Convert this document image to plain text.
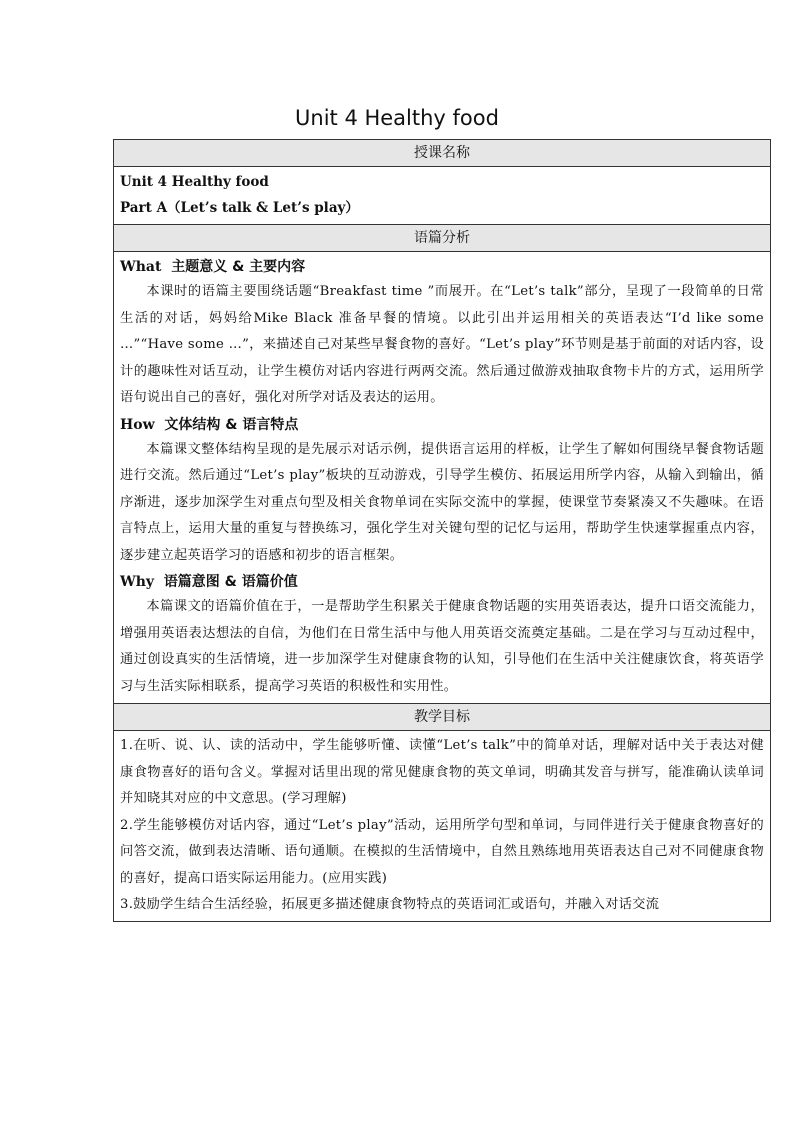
Unit 4 Healthy food
授课名称

Unit 4 Healthy food
Part A（Let’s talk & Let’s play）

语篇分析

What 主题意义 & 主要内容

本课时的语篇主要围绕话题“Breakfast time ”而展开。在“Let’s talk”部分，呈现了一段简单的日常生活的对话，妈妈给Mike Black 准备早餐的情境。以此引出并运用相关的英语表达“I’d like some …”“Have some …”，来描述自己对某些早餐食物的喜好。“Let’s play”环节则是基于前面的对话内容，设计的趣味性对话互动，让学生模仿对话内容进行两两交流。然后通过做游戏抽取食物卡片的方式，运用所学语句说出自己的喜好，强化对所学对话及表达的运用。

How 文体结构 & 语言特点

本篇课文整体结构呈现的是先展示对话示例，提供语言运用的样板，让学生了解如何围绕早餐食物话题进行交流。然后通过“Let’s play”板块的互动游戏，引导学生模仿、拓展运用所学内容，从输入到输出，循序渐进，逐步加深学生对重点句型及相关食物单词在实际交流中的掌握，使课堂节奏紧凑又不失趣味。在语言特点上，运用大量的重复与替换练习，强化学生对关键句型的记忆与运用，帮助学生快速掌握重点内容，逐步建立起英语学习的语感和初步的语言框架。

Why 语篇意图 & 语篇价值

本篇课文的语篇价值在于，一是帮助学生积累关于健康食物话题的实用英语表达，提升口语交流能力，增强用英语表达想法的自信，为他们在日常生活中与他人用英语交流奠定基础。二是在学习与互动过程中，通过创设真实的生活情境，进一步加深学生对健康食物的认知，引导他们在生活中关注健康饮食，将英语学习与生活实际相联系，提高学习英语的积极性和实用性。

教学目标

1.在听、说、认、读的活动中，学生能够听懂、读懂“Let’s talk”中的简单对话，理解对话中关于表达对健康食物喜好的语句含义。掌握对话里出现的常见健康食物的英文单词，明确其发音与拼写，能准确认读单词并知晓其对应的中文意思。(学习理解)

2.学生能够模仿对话内容，通过“Let’s play”活动，运用所学句型和单词，与同伴进行关于健康食物喜好的问答交流，做到表达清晰、语句通顺。在模拟的生活情境中，自然且熟练地用英语表达自己对不同健康食物的喜好，提高口语实际运用能力。(应用实践)

3.鼓励学生结合生活经验，拓展更多描述健康食物特点的英语词汇或语句，并融入对话交流
